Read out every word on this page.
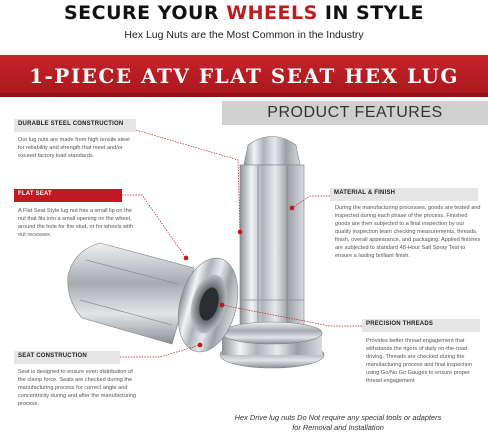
SECURE YOUR WHEELS IN STYLE
Hex Lug Nuts are the Most Common in the Industry
1-PIECE ATV FLAT SEAT HEX LUG
PRODUCT FEATURES
DURABLE STEEL CONSTRUCTION
Our lug nuts are made from high tensile steel for reliability and strength that meet and/or exceed factory load standards.
FLAT SEAT
A Flat Seat Style lug nut has a small lip on the nut that fits into a small opening on the wheel, around the hole for the stud, or for wheels with out recesses.
SEAT CONSTRUCTION
Seat is designed to ensure even distribution of the clamp force. Seats are checked during the manufacturing process for correct angle and concentricity during and after the manufacturing process.
MATERIAL & FINISH
During the manufacturing processes, goods are tested and inspected during each phase of the process. Finished goods are then subjected to a final inspection by our quality inspection team checking measurements, threads, finish, overall appearance, and packaging. Applied finishes are subjected to standard 48-Hour Salt Spray Test to ensure a lasting brilliant finish.
PRECISION THREADS
Provides better thread engagement that withstands the rigors of daily on-the-road driving. Threads are checked during the manufacturing process and final inspection using Go/No Go Gauges to ensure proper thread engagement
Hex Drive lug nuts Do Not require any special tools or adapters
for Removal and Installation
